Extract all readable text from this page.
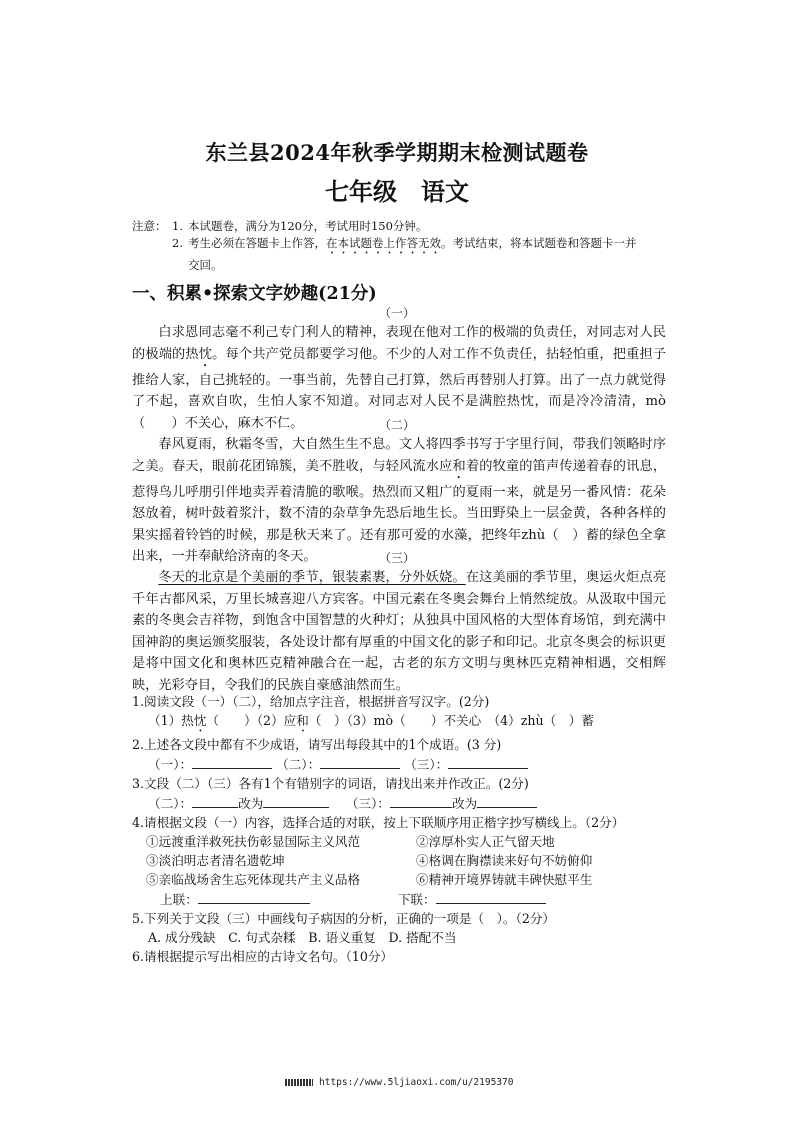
东兰县2024年秋季学期期末检测试题卷
七年级 语文
注意： 1. 本试题卷，满分为120分，考试用时150分钟。
2. 考生必须在答题卡上作答，在本试题卷上作答无效。考试结束，将本试题卷和答题卡一并
交回。
一、积累•探索文字妙趣(21分)
（一）
白求恩同志毫不利己专门利人的精神，表现在他对工作的极端的负责任，对同志对人民的极端的热忱。每个共产党员都要学习他。不少的人对工作不负责任，拈轻怕重，把重担子推给人家，自己挑轻的。一事当前，先替自己打算，然后再替别人打算。出了一点力就觉得了不起，喜欢自吹，生怕人家不知道。对同志对人民不是满腔热忱，而是冷冷清清，mò（　　）不关心，麻木不仁。	（二）
春风夏雨，秋霜冬雪，大自然生生不息。文人将四季书写于字里行间，带我们领略时序之美。春天，眼前花团锦簇，美不胜收，与轻风流水应和着的牧童的笛声传递着春的讯息，惹得鸟儿呼朋引伴地卖弄着清脆的歌喉。热烈而又粗广的夏雨一来，就是另一番风情：花朵怒放着，树叶鼓着浆汁，数不清的杂草争先恐后地生长。当田野染上一层金黄，各种各样的果实摇着铃铛的时候，那是秋天来了。还有那可爱的水藻，把终年zhù（　）蓄的绿色全拿出来，一并奉献给济南的冬天。	（三）
冬天的北京是个美丽的季节，银装素裹，分外妖娆。在这美丽的季节里，奥运火炬点亮千年古都风采，万里长城喜迎八方宾客。中国元素在冬奥会舞台上悄然绽放。从汲取中国元素的冬奥会吉祥物，到饱含中国智慧的火种灯；从独具中国风格的大型体育场馆，到充满中国神韵的奥运颁奖服装，各处设计都有厚重的中国文化的影子和印记。北京冬奥会的标识更是将中国文化和奥林匹克精神融合在一起，古老的东方文明与奥林匹克精神相遇，交相辉映，光彩夺目，令我们的民族自豪感油然而生。
1.阅读文段（一）（二），给加点字注音，根据拼音写汉字。(2分)
（1）热忱（　　）（2）应和（　）（3）mò（　　）不关心　（4）zhù（　）蓄
2.上述各文段中都有不少成语，请写出每段其中的1个成语。(3 分)
（一）：	（二）：	（三）：
3.文段（二）（三）各有1个有错别字的词语，请找出来并作改正。(2分)
（二）：	改为　	（三）：	改为
4.请根据文段（一）内容，选择合适的对联，按上下联顺序用正楷字抄写横线上。（2分）
①远渡重洋救死扶伤彰显国际主义风范	②淳厚朴实人正气留天地
③淡泊明志者清名遗乾坤	④格调在胸襟读来好句不妨俯仰
⑤亲临战场舍生忘死体现共产主义品格	⑥精神开境界铸就丰碑快慰平生
上联：	下联：
5.下列关于文段（三）中画线句子病因的分析，正确的一项是（　）。（2分）
A. 成分残缺　C. 句式杂糅　B. 语义重复　D. 搭配不当
6.请根据提示写出相应的古诗文名句。（10分）
https://www.5ljiaoxi.com/u/2195370
